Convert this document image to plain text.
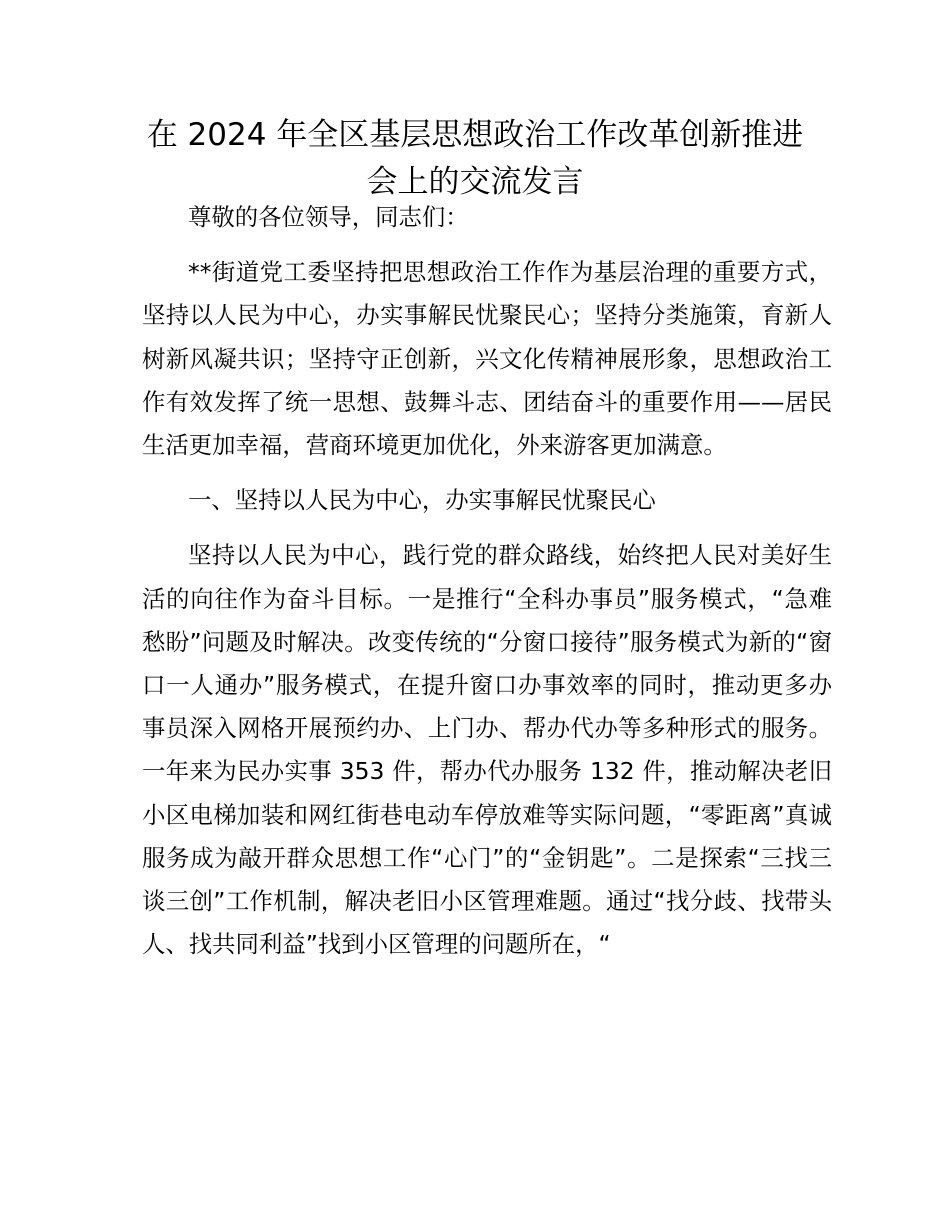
在 2024 年全区基层思想政治工作改革创新推进会上的交流发言

尊敬的各位领导，同志们：

**街道党工委坚持把思想政治工作作为基层治理的重要方式，坚持以人民为中心，办实事解民忧聚民心；坚持分类施策，育新人树新风凝共识；坚持守正创新，兴文化传精神展形象，思想政治工作有效发挥了统一思想、鼓舞斗志、团结奋斗的重要作用——居民生活更加幸福，营商环境更加优化，外来游客更加满意。

一、坚持以人民为中心，办实事解民忧聚民心

坚持以人民为中心，践行党的群众路线，始终把人民对美好生活的向往作为奋斗目标。一是推行“全科办事员”服务模式，“急难愁盼”问题及时解决。改变传统的“分窗口接待”服务模式为新的“窗口一人通办”服务模式，在提升窗口办事效率的同时，推动更多办事员深入网格开展预约办、上门办、帮办代办等多种形式的服务。一年来为民办实事 353 件，帮办代办服务 132 件，推动解决老旧小区电梯加装和网红街巷电动车停放难等实际问题，“零距离”真诚服务成为敲开群众思想工作“心门”的“金钥匙”。二是探索“三找三谈三创”工作机制，解决老旧小区管理难题。通过“找分歧、找带头人、找共同利益”找到小区管理的问题所在，“
